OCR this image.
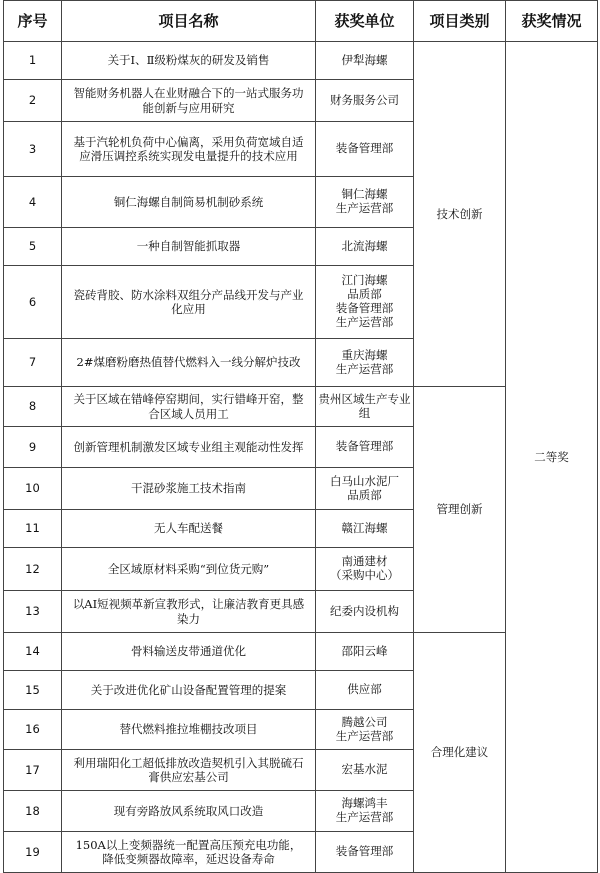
序号	项目名称	获奖单位	项目类别	获奖情况
1	关于Ⅰ、Ⅱ级粉煤灰的研发及销售	伊犁海螺	技术创新	二等奖
2	智能财务机器人在业财融合下的一站式服务功能创新与应用研究	财务服务公司		
3	基于汽轮机负荷中心偏离，采用负荷宽域自适应滑压调控系统实现发电量提升的技术应用	装备管理部		
4	铜仁海螺自制筒易机制砂系统	铜仁海螺
生产运营部		
5	一种自制智能抓取器	北流海螺		
6	瓷砖背胶、防水涂料双组分产品线开发与产业化应用	江门海螺
品质部
装备管理部
生产运营部		
7	2#煤磨粉磨热值替代燃料入一线分解炉技改	重庆海螺
生产运营部		
8	关于区域在错峰停窑期间，实行错峰开窑，整合区域人员用工	贵州区域生产专业组	管理创新	
9	创新管理机制激发区域专业组主观能动性发挥	装备管理部		
10	干混砂浆施工技术指南	白马山水泥厂
品质部		
11	无人车配送餐	赣江海螺		
12	全区域原材料采购“到位货元购”	南通建材
（采购中心）		
13	以AI短视频革新宣教形式，让廉洁教育更具感染力	纪委内设机构		
14	骨料输送皮带通道优化	邵阳云峰	合理化建议	
15	关于改进优化矿山设备配置管理的提案	供应部		
16	替代燃料推拉堆棚技改项目	腾越公司
生产运营部		
17	利用瑞阳化工超低排放改造契机引入其脱硫石膏供应宏基公司	宏基水泥		
18	现有旁路放风系统取风口改造	海螺鸿丰
生产运营部		
19	150A以上变频器统一配置高压预充电功能，降低变频器故障率，延迟设备寿命	装备管理部		
